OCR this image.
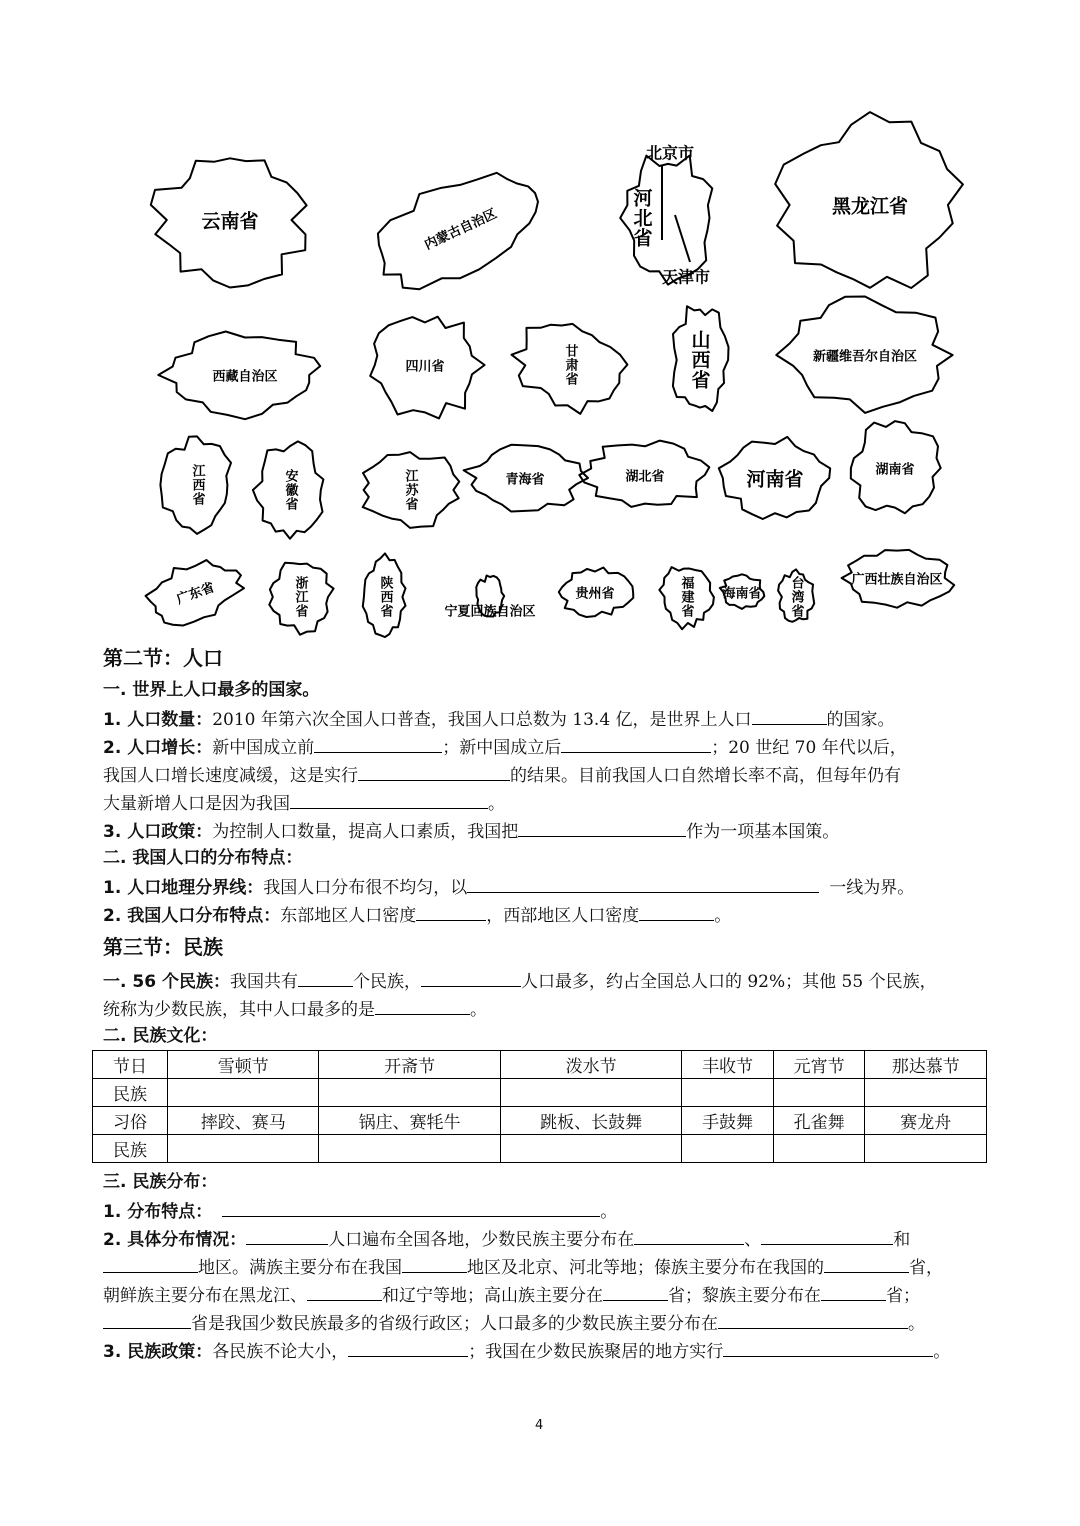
云南省	内蒙古自治区	河北省	黑龙江省
西藏自治区
四川省	甘肃省	山西省	新疆维吾尔自治区
江西省	安徽省	江苏省	青海省	湖北省	河南省	湖南省
广东省	浙江省	陕西省	宁夏回族自治区
贵州省	福建省 海南省 台湾省	广西壮族自治区
北京市
天津市
第二节：人口
一. 世界上人口最多的国家。
1. 人口数量：2010 年第六次全国人口普查，我国人口总数为 13.4 亿，是世界上人口	的国家。
2. 人口增长：新中国成立前	；新中国成立后	；20 世纪 70 年代以后，
我国人口增长速度减缓，这是实行	的结果。目前我国人口自然增长率不高，但每年仍有
大量新增人口是因为我国	。
3. 人口政策：为控制人口数量，提高人口素质，我国把	作为一项基本国策。
二. 我国人口的分布特点：
1. 人口地理分界线：我国人口分布很不均匀，以	一线为界。
2. 我国人口分布特点：东部地区人口密度	，西部地区人口密度	。
第三节：民族
一. 56 个民族：我国共有	个民族，	人口最多，约占全国总人口的 92%；其他 55 个民族，
统称为少数民族，其中人口最多的是	。
二. 民族文化：
节日	雪顿节	开斋节	泼水节	丰收节	元宵节	那达慕节
民族						
习俗	摔跤、赛马	锅庄、赛牦牛	跳板、长鼓舞	手鼓舞	孔雀舞	赛龙舟
民族						
三. 民族分布：
1. 分布特点：	。
2. 具体分布情况：	人口遍布全国各地，少数民族主要分布在	、	和
地区。满族主要分布在我国	地区及北京、河北等地；傣族主要分布在我国的	省，
朝鲜族主要分布在黑龙江、	和辽宁等地；高山族主要分在	省；黎族主要分布在	省；
省是我国少数民族最多的省级行政区；人口最多的少数民族主要分布在	。
3. 民族政策：各民族不论大小，	；我国在少数民族聚居的地方实行	。
4
